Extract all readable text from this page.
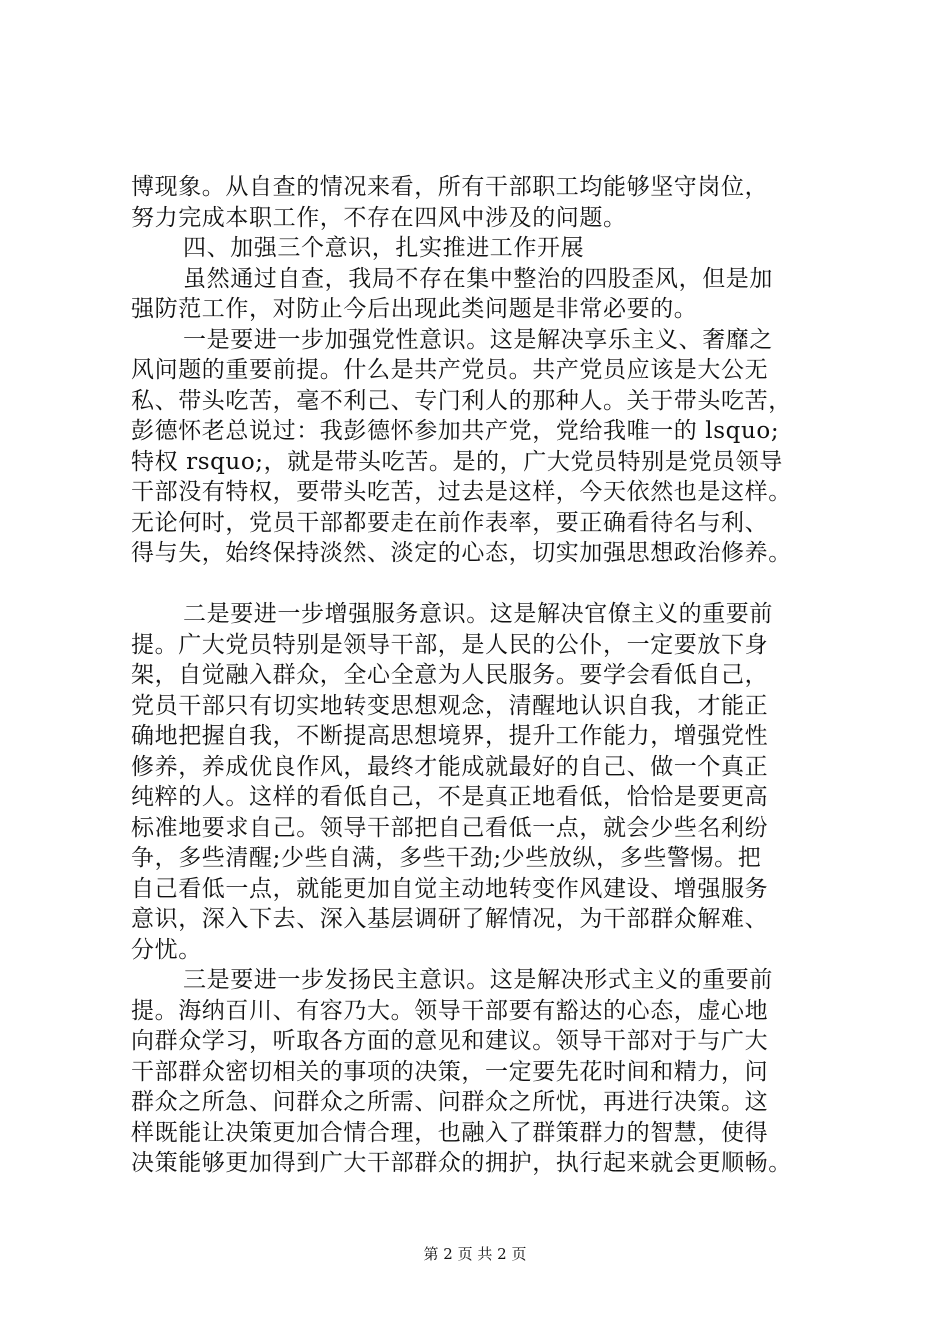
博现象。从自查的情况来看，所有干部职工均能够坚守岗位，
努力完成本职工作，不存在四风中涉及的问题。
四、加强三个意识，扎实推进工作开展
虽然通过自查，我局不存在集中整治的四股歪风，但是加
强防范工作，对防止今后出现此类问题是非常必要的。
一是要进一步加强党性意识。这是解决享乐主义、奢靡之
风问题的重要前提。什么是共产党员。共产党员应该是大公无
私、带头吃苦，毫不利己、专门利人的那种人。关于带头吃苦，
彭德怀老总说过：我彭德怀参加共产党，党给我唯一的 lsquo;
特权 rsquo;，就是带头吃苦。是的，广大党员特别是党员领导
干部没有特权，要带头吃苦，过去是这样，今天依然也是这样。
无论何时，党员干部都要走在前作表率，要正确看待名与利、
得与失，始终保持淡然、淡定的心态，切实加强思想政治修养。
二是要进一步增强服务意识。这是解决官僚主义的重要前
提。广大党员特别是领导干部，是人民的公仆，一定要放下身
架，自觉融入群众，全心全意为人民服务。要学会看低自己，
党员干部只有切实地转变思想观念，清醒地认识自我，才能正
确地把握自我，不断提高思想境界，提升工作能力，增强党性
修养，养成优良作风，最终才能成就最好的自己、做一个真正
纯粹的人。这样的看低自己，不是真正地看低，恰恰是要更高
标准地要求自己。领导干部把自己看低一点，就会少些名利纷
争，多些清醒;少些自满，多些干劲;少些放纵，多些警惕。把
自己看低一点，就能更加自觉主动地转变作风建设、增强服务
意识，深入下去、深入基层调研了解情况，为干部群众解难、
分忧。
三是要进一步发扬民主意识。这是解决形式主义的重要前
提。海纳百川、有容乃大。领导干部要有豁达的心态，虚心地
向群众学习，听取各方面的意见和建议。领导干部对于与广大
干部群众密切相关的事项的决策，一定要先花时间和精力，问
群众之所急、问群众之所需、问群众之所忧，再进行决策。这
样既能让决策更加合情合理，也融入了群策群力的智慧，使得
决策能够更加得到广大干部群众的拥护，执行起来就会更顺畅。
第 2 页 共 2 页
